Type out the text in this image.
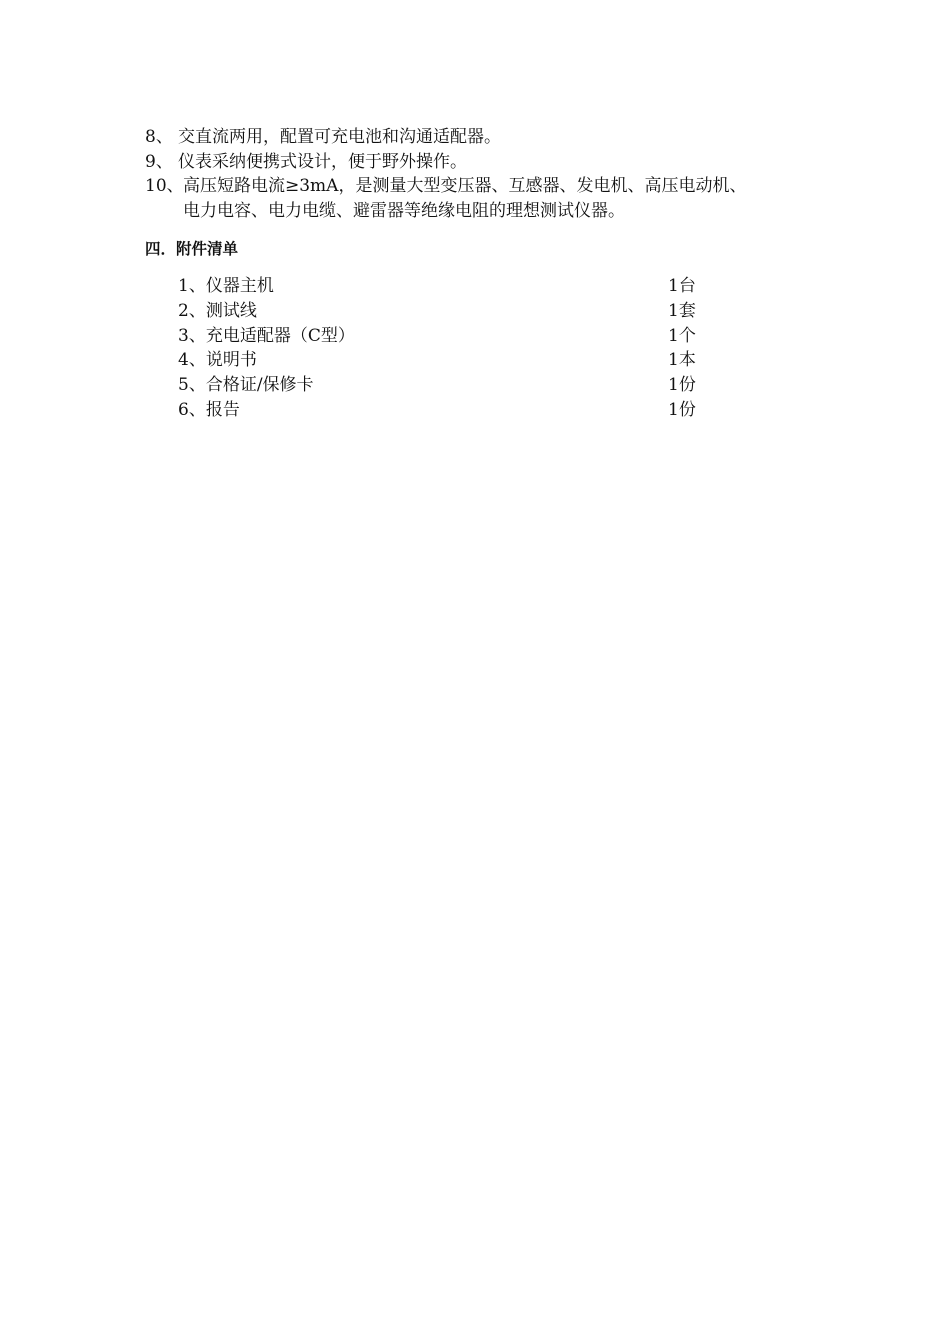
8、 交直流两用，配置可充电池和沟通适配器。
9、 仪表采纳便携式设计，便于野外操作。
10、 高压短路电流≥3mA，是测量大型变压器、互感器、发电机、高压电动机、
电力电容、电力电缆、避雷器等绝缘电阻的理想测试仪器。
四．附件清单
1、仪器主机	1台
2、测试线	1套
3、充电适配器（C型）	1个
4、说明书	1本
5、合格证/保修卡	1份
6、报告	1份
